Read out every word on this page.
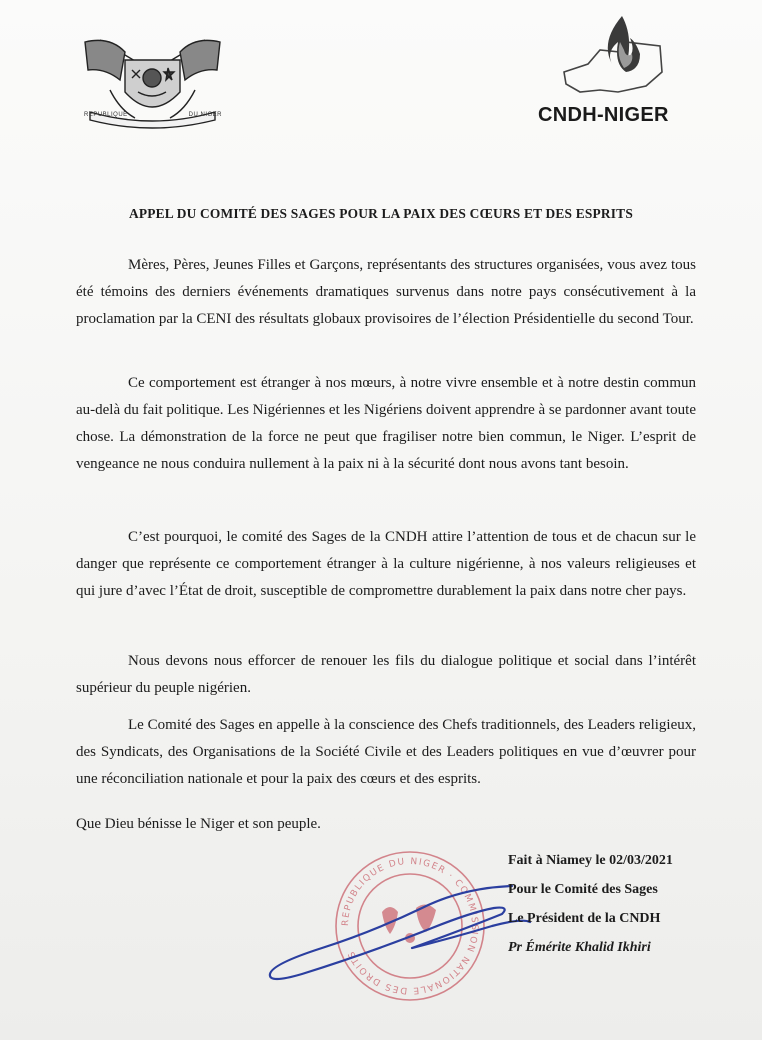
REPUBLIQUE	DU NIGER	CNDH-NIGER
APPEL DU COMITÉ DES SAGES POUR LA PAIX DES CŒURS ET DES ESPRITS

Mères, Pères, Jeunes Filles et Garçons, représentants des structures organisées, vous avez tous été témoins des derniers événements dramatiques survenus dans notre pays consécutivement à la proclamation par la CENI des résultats globaux provisoires de l’élection Présidentielle du second Tour.

Ce comportement est étranger à nos mœurs, à notre vivre ensemble et à notre destin commun au-delà du fait politique. Les Nigériennes et les Nigériens doivent apprendre à se pardonner avant toute chose. La démonstration de la force ne peut que fragiliser notre bien commun, le Niger. L’esprit de vengeance ne nous conduira nullement à la paix ni à la sécurité dont nous avons tant besoin.

C’est pourquoi, le comité des Sages de la CNDH attire l’attention de tous et de chacun sur le danger que représente ce comportement étranger à la culture nigérienne, à nos valeurs religieuses et qui jure d’avec l’État de droit, susceptible de compromettre durablement la paix dans notre cher pays.

Nous devons nous efforcer de renouer les fils du dialogue politique et social dans l’intérêt supérieur du peuple nigérien.

Le Comité des Sages en appelle à la conscience des Chefs traditionnels, des Leaders religieux, des Syndicats, des Organisations de la Société Civile et des Leaders politiques en vue d’œuvrer pour une réconciliation nationale et pour la paix des cœurs et des esprits.

Que Dieu bénisse le Niger et son peuple.
REPUBLIQUE DU NIGER · COMMISSION NATIONALE DES DROITS
Fait à Niamey le 02/03/2021
Pour le Comité des Sages
Le Président de la CNDH
Pr Émérite Khalid Ikhiri
